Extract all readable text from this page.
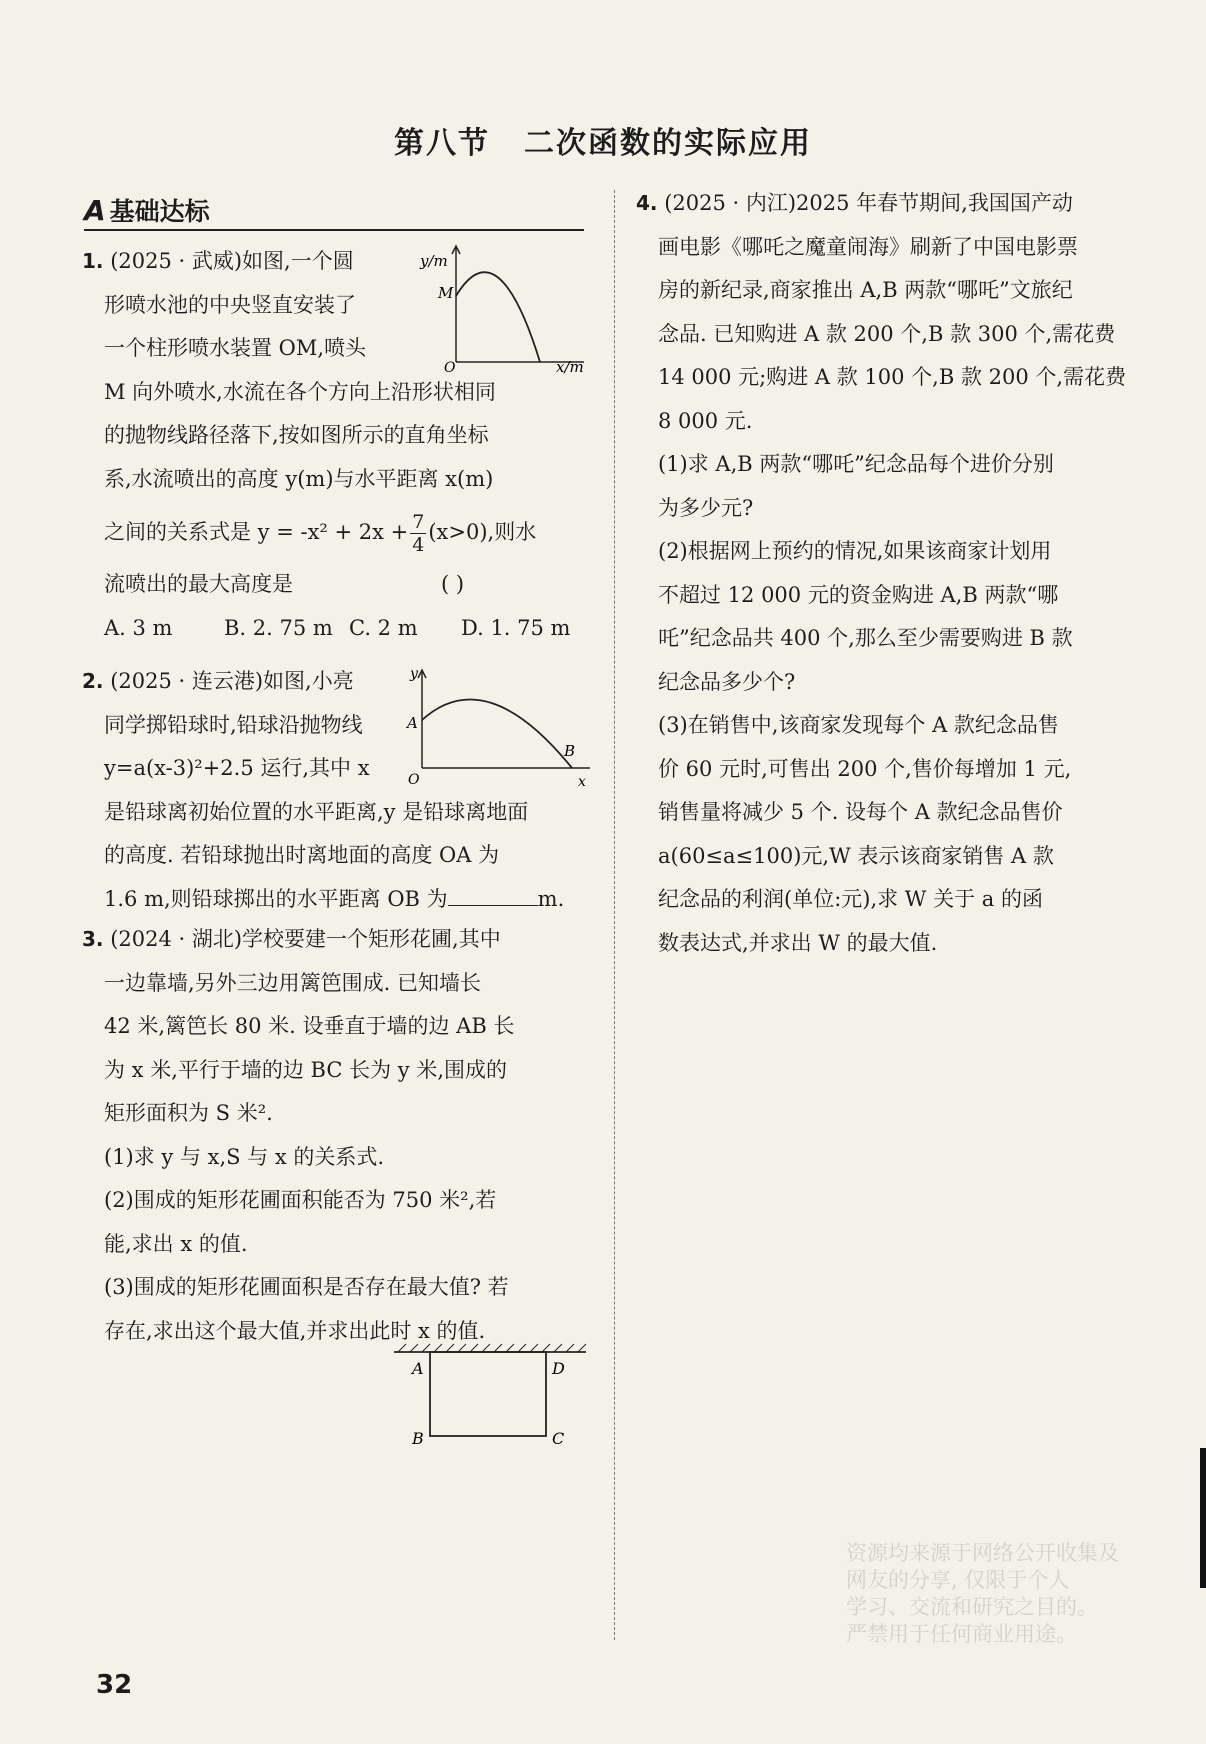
第八节 二次函数的实际应用
A 基础达标

1. (2025 · 武威)如图,一个圆

形喷水池的中央竖直安装了

一个柱形喷水装置 OM,喷头

M 向外喷水,水流在各个方向上沿形状相同

的抛物线路径落下,按如图所示的直角坐标

系,水流喷出的高度 y(m)与水平距离 x(m)

之间的关系式是 $y = -x^2 + 2x + \frac{7}{4} (x>0)$,则水

流喷出的最大高度是	( )

A. 3 m B. 2. 75 m C. 2 m D. 1. 75 m

y/m
M
O	x/m

2. (2025 · 连云港)如图,小亮

同学掷铅球时,铅球沿抛物线

y=a(x-3)²+2.5 运行,其中 x

是铅球离初始位置的水平距离,y 是铅球离地面

的高度. 若铅球抛出时离地面的高度 OA 为

1.6 m,则铅球掷出的水平距离 OB 为	m.

y
A
B
O	x

3. (2024 · 湖北)学校要建一个矩形花圃,其中

一边靠墙,另外三边用篱笆围成. 已知墙长

42 米,篱笆长 80 米. 设垂直于墙的边 AB 长

为 x 米,平行于墙的边 BC 长为 y 米,围成的

矩形面积为 S 米².

(1)求 y 与 x,S 与 x 的关系式.

(2)围成的矩形花圃面积能否为 750 米²,若

能,求出 x 的值.

(3)围成的矩形花圃面积是否存在最大值? 若

存在,求出这个最大值,并求出此时 x 的值.

A	D
B	C

4. (2025 · 内江)2025 年春节期间,我国国产动

画电影《哪吒之魔童闹海》刷新了中国电影票

房的新纪录,商家推出 A,B 两款“哪吒”文旅纪

念品. 已知购进 A 款 200 个,B 款 300 个,需花费

14 000 元;购进 A 款 100 个,B 款 200 个,需花费

8 000 元.

(1)求 A,B 两款“哪吒”纪念品每个进价分别

为多少元?

(2)根据网上预约的情况,如果该商家计划用

不超过 12 000 元的资金购进 A,B 两款“哪

吒”纪念品共 400 个,那么至少需要购进 B 款

纪念品多少个?

(3)在销售中,该商家发现每个 A 款纪念品售

价 60 元时,可售出 200 个,售价每增加 1 元,

销售量将减少 5 个. 设每个 A 款纪念品售价

a(60≤a≤100)元,W 表示该商家销售 A 款

纪念品的利润(单位:元),求 W 关于 a 的函

数表达式,并求出 W 的最大值.

资源均来源于网络公开收集及

网友的分享, 仅限于个人

学习、交流和研究之目的。

严禁用于任何商业用途。

32
